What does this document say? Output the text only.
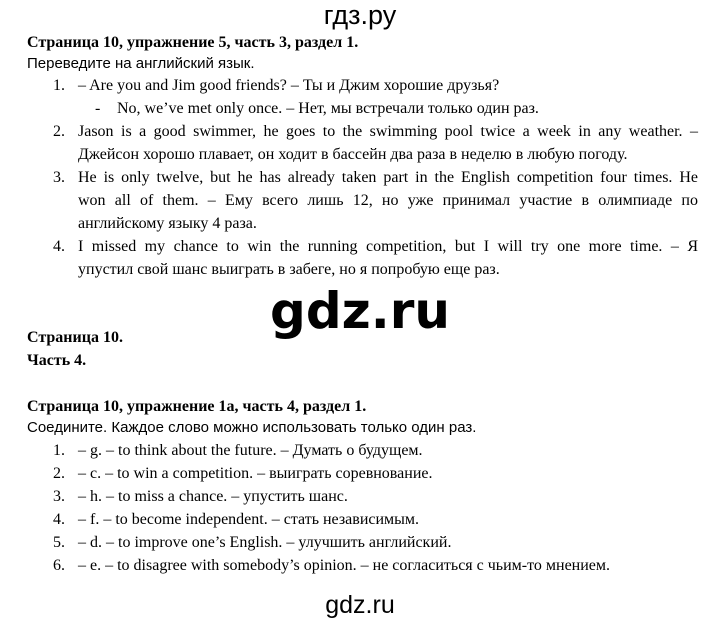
гдз.ру
Страница 10, упражнение 5, часть 3, раздел 1.
Переведите на английский язык.
1. – Are you and Jim good friends? – Ты и Джим хорошие друзья?
- No, we’ve met only once. – Нет, мы встречали только один раз.
2. Jason is a good swimmer, he goes to the swimming pool twice a week in any weather. –
Джейсон хорошо плавает, он ходит в бассейн два раза в неделю в любую погоду.
3. He is only twelve, but he has already taken part in the English competition four times. He
won all of them. – Ему всего лишь 12, но уже принимал участие в олимпиаде по
английскому языку 4 раза.
4. I missed my chance to win the running competition, but I will try one more time. – Я
упустил свой шанс выиграть в забеге, но я попробую еще раз.
gdz.ru
Страница 10.
Часть 4.
Страница 10, упражнение 1а, часть 4, раздел 1.
Соедините. Каждое слово можно использовать только один раз.
1. – g. – to think about the future. – Думать о будущем.
2. – c. – to win a competition. – выиграть соревнование.
3. – h. – to miss a chance. – упустить шанс.
4. – f. – to become independent. – стать независимым.
5. – d. – to improve one’s English. – улучшить английский.
6. – e. – to disagree with somebody’s opinion. – не согласиться с чьим-то мнением.
gdz.ru
